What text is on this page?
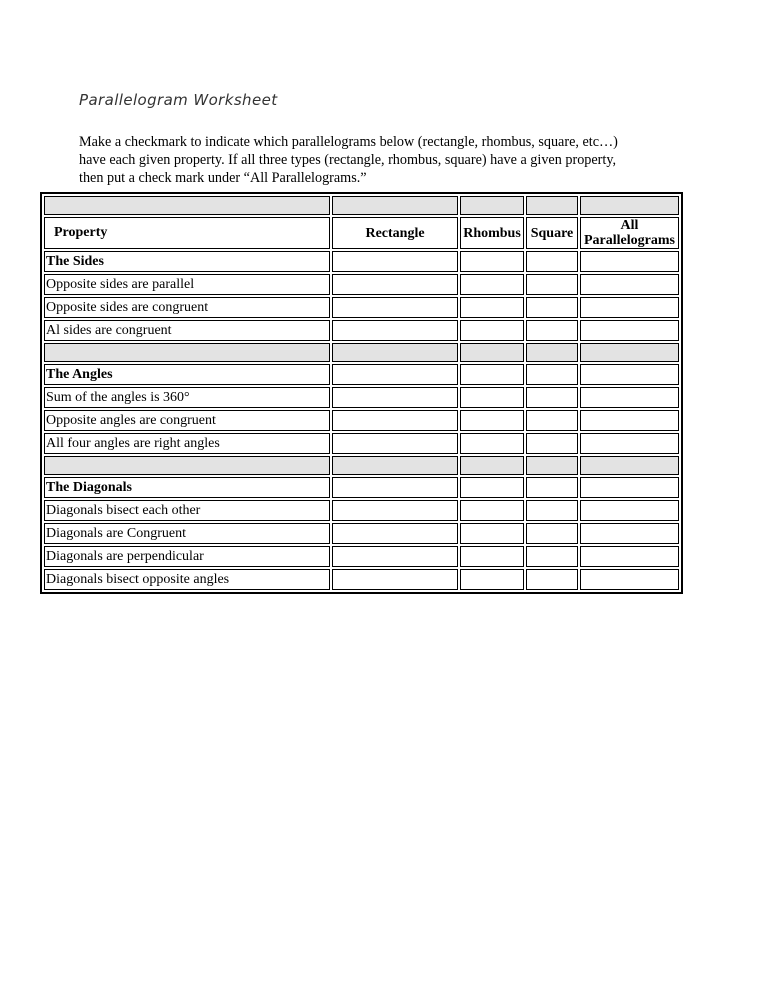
Parallelogram Worksheet

Make a checkmark to indicate which parallelograms below (rectangle, rhombus, square, etc…)

have each given property. If all three types (rectangle, rhombus, square) have a given property,

then put a check mark under “All Parallelograms.”

Property	Rectangle	Rhombus	Square	All
Parallelograms

The Sides				
Opposite sides are parallel				
Opposite sides are congruent				
Al sides are congruent				

The Angles				
Sum of the angles is 360°				
Opposite angles are congruent				
All four angles are right angles				

The Diagonals				
Diagonals bisect each other				
Diagonals are Congruent				
Diagonals are perpendicular				
Diagonals bisect opposite angles				
